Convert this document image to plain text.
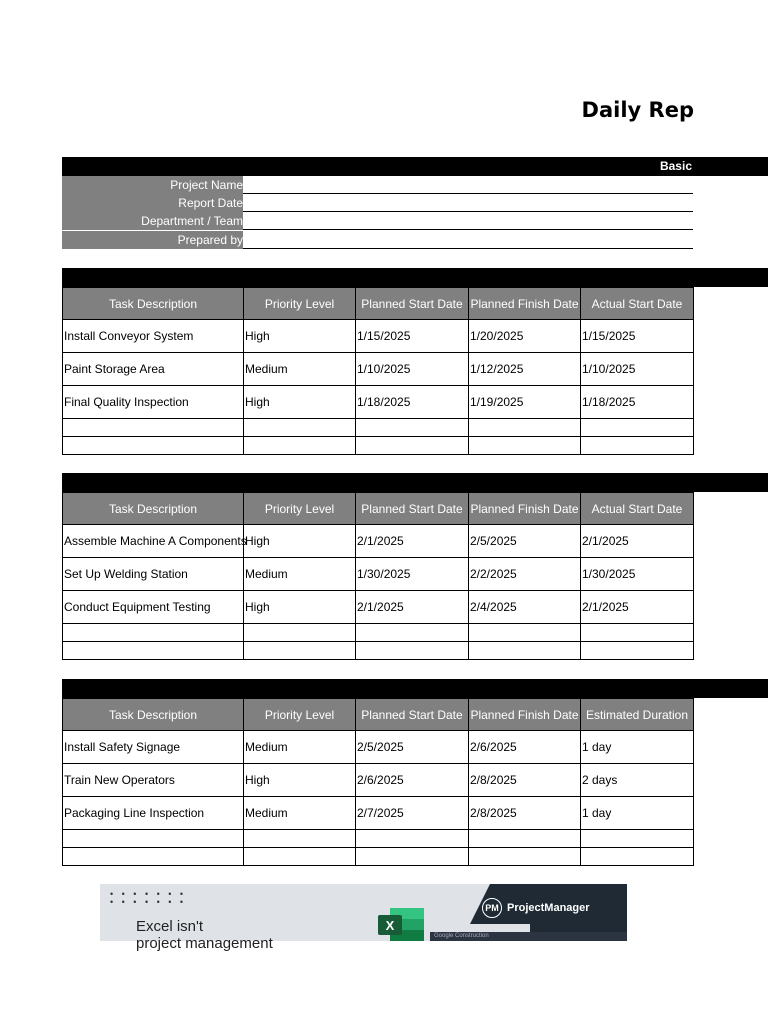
Daily Rep
Basic
Project Name
Report Date
Department / Team
Prepared by
Task Description	Priority Level	Planned Start Date	Planned Finish Date	Actual Start Date
Install Conveyor System	High	1/15/2025	1/20/2025	1/15/2025
Paint Storage Area	Medium	1/10/2025	1/12/2025	1/10/2025
Final Quality Inspection	High	1/18/2025	1/19/2025	1/18/2025

Task Description	Priority Level	Planned Start Date	Planned Finish Date	Actual Start Date
Assemble Machine A Components	High	2/1/2025	2/5/2025	2/1/2025
Set Up Welding Station	Medium	1/30/2025	2/2/2025	1/30/2025
Conduct Equipment Testing	High	2/1/2025	2/4/2025	2/1/2025

Task Description	Priority Level	Planned Start Date	Planned Finish Date	Estimated Duration
Install Safety Signage	Medium	2/5/2025	2/6/2025	1 day
Train New Operators	High	2/6/2025	2/8/2025	2 days
Packaging Line Inspection	Medium	2/7/2025	2/8/2025	1 day

• • • • • • •
• • • • • • •
Excel isn't
project management
X
PM ProjectManager
Google Construction
